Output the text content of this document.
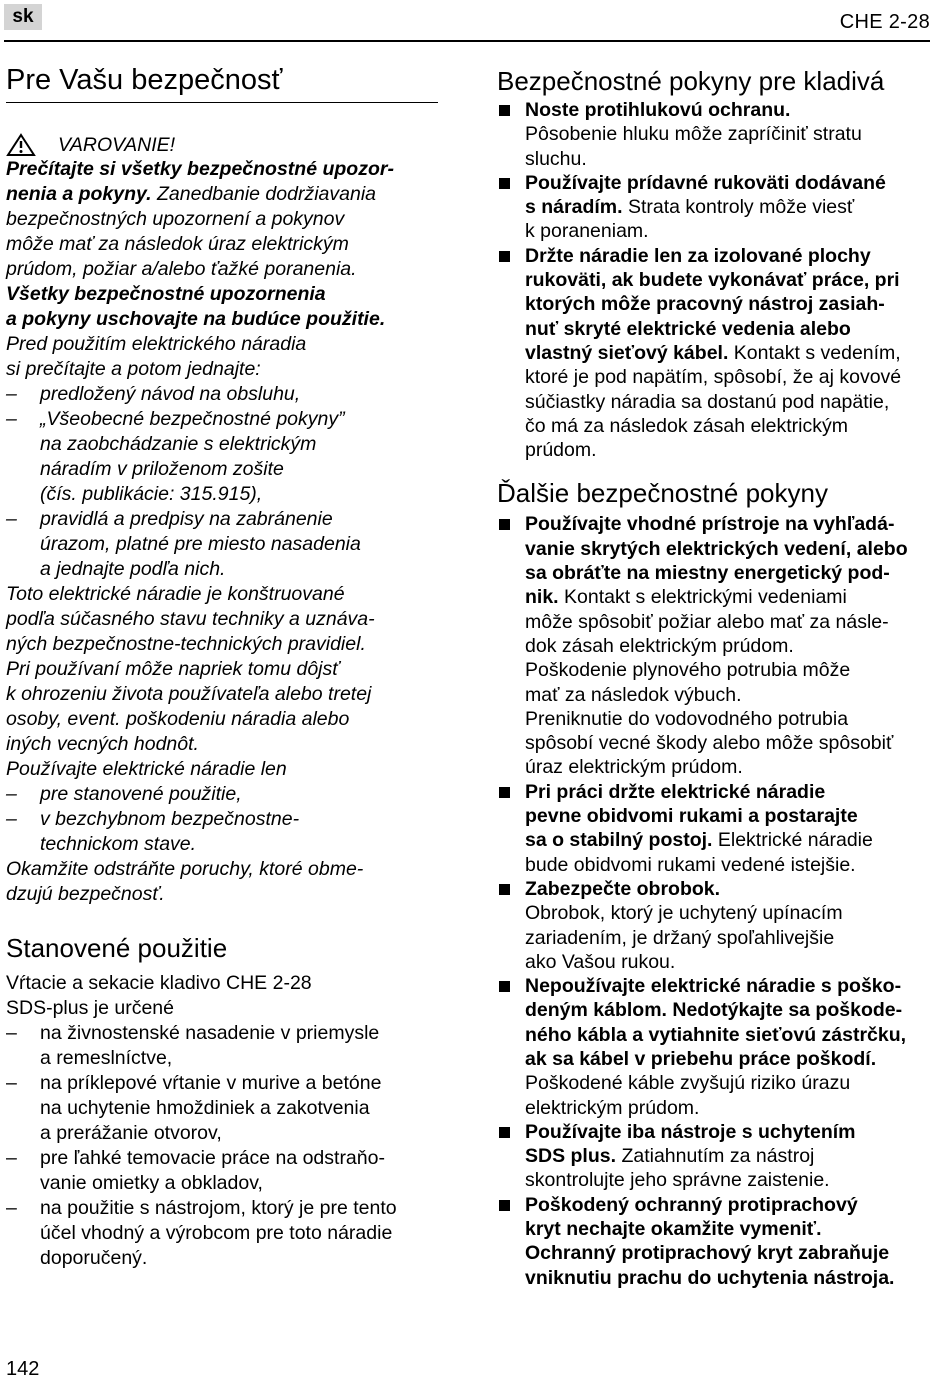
sk	CHE 2-28
Pre Vašu bezpečnosť
VAROVANIE!
Prečítajte si všetky bezpečnostné upozor-
nenia a pokyny. Zanedbanie dodržiavania
bezpečnostných upozornení a pokynov
môže mať za následok úraz elektrickým
prúdom, požiar a/alebo ťažké poranenia.
Všetky bezpečnostné upozornenia
a pokyny uschovajte na budúce použitie.
Pred použitím elektrického náradia
si prečítajte a potom jednajte:
– predložený návod na obsluhu,
– „Všeobecné bezpečnostné pokyny”
na zaobchádzanie s elektrickým
náradím v priloženom zošite
(čís. publikácie: 315.915),
– pravidlá a predpisy na zabránenie
úrazom, platné pre miesto nasadenia
a jednajte podľa nich.
Toto elektrické náradie je konštruované
podľa súčasného stavu techniky a uznáva-
ných bezpečnostne-technických pravidiel.
Pri používaní môže napriek tomu dôjsť
k ohrozeniu života používateľa alebo tretej
osoby, event. poškodeniu náradia alebo
iných vecných hodnôt.
Používajte elektrické náradie len
– pre stanovené použitie,
– v bezchybnom bezpečnostne-
technickom stave.
Okamžite odstráňte poruchy, ktoré obme-
dzujú bezpečnosť.
Stanovené použitie
Vŕtacie a sekacie kladivo CHE 2-28
SDS-plus je určené
– na živnostenské nasadenie v priemysle
a remeslníctve,
– na príklepové vŕtanie v murive a betóne
na uchytenie hmoždiniek a zakotvenia
a prerážanie otvorov,
– pre ľahké temovacie práce na odstraňo-
vanie omietky a obkladov,
– na použitie s nástrojom, ktorý je pre tento
účel vhodný a výrobcom pre toto náradie
doporučený.
Bezpečnostné pokyny pre kladivá
Noste protihlukovú ochranu.
Pôsobenie hluku môže zapríčiniť stratu
sluchu.
Používajte prídavné rukoväti dodávané
s náradím. Strata kontroly môže viesť
k poraneniam.
Držte náradie len za izolované plochy
rukoväti, ak budete vykonávať práce, pri
ktorých môže pracovný nástroj zasiah-
nuť skryté elektrické vedenia alebo
vlastný sieťový kábel. Kontakt s vedením,
ktoré je pod napätím, spôsobí, že aj kovové
súčiastky náradia sa dostanú pod napätie,
čo má za následok zásah elektrickým
prúdom.
Ďalšie bezpečnostné pokyny
Používajte vhodné prístroje na vyhľadá-
vanie skrytých elektrických vedení, alebo
sa obráťte na miestny energetický pod-
nik. Kontakt s elektrickými vedeniami
môže spôsobiť požiar alebo mať za násle-
dok zásah elektrickým prúdom.
Poškodenie plynového potrubia môže
mať za následok výbuch.
Preniknutie do vodovodného potrubia
spôsobí vecné škody alebo môže spôsobiť
úraz elektrickým prúdom.
Pri práci držte elektrické náradie
pevne obidvomi rukami a postarajte
sa o stabilný postoj. Elektrické náradie
bude obidvomi rukami vedené istejšie.
Zabezpečte obrobok.
Obrobok, ktorý je uchytený upínacím
zariadením, je držaný spoľahlivejšie
ako Vašou rukou.
Nepoužívajte elektrické náradie s poško-
deným káblom. Nedotýkajte sa poškode-
ného kábla a vytiahnite sieťovú zástrčku,
ak sa kábel v priebehu práce poškodí.
Poškodené káble zvyšujú riziko úrazu
elektrickým prúdom.
Používajte iba nástroje s uchytením
SDS plus. Zatiahnutím za nástroj
skontrolujte jeho správne zaistenie.
Poškodený ochranný protiprachový
kryt nechajte okamžite vymeniť.
Ochranný protiprachový kryt zabraňuje
vniknutiu prachu do uchytenia nástroja.
142
